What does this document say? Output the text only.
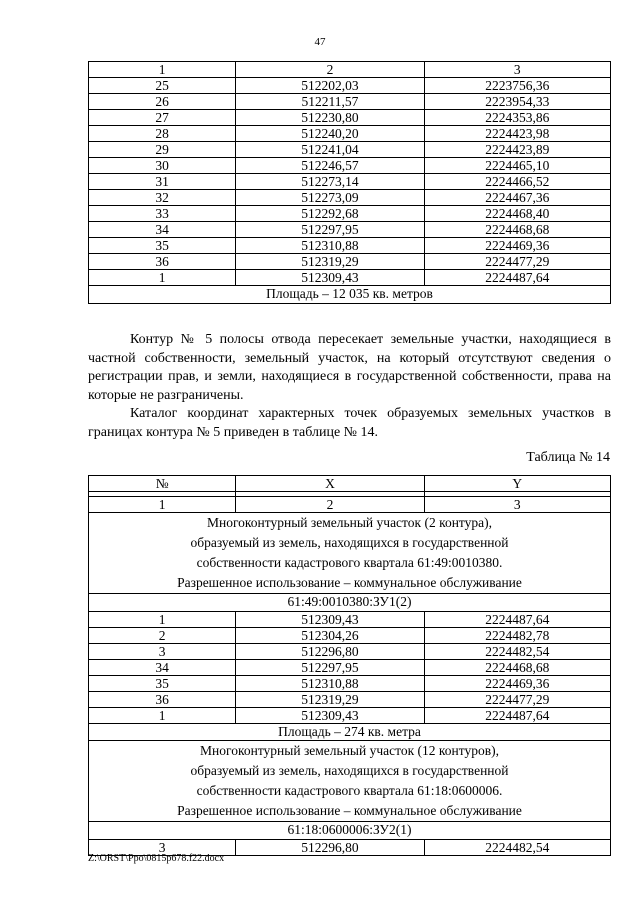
47
1	2	3
25	512202,03	2223756,36
26	512211,57	2223954,33
27	512230,80	2224353,86
28	512240,20	2224423,98
29	512241,04	2224423,89
30	512246,57	2224465,10
31	512273,14	2224466,52
32	512273,09	2224467,36
33	512292,68	2224468,40
34	512297,95	2224468,68
35	512310,88	2224469,36
36	512319,29	2224477,29
1	512309,43	2224487,64
Площадь – 12 035 кв. метров		
Контур № 5 полосы отвода пересекает земельные участки, находящиеся в частной собственности, земельный участок, на который отсутствуют сведения о регистрации прав, и земли, находящиеся в государственной собственности, права на которые не разграничены.
Каталог координат характерных точек образуемых земельных участков в границах контура № 5 приведен в таблице № 14.
Таблица № 14
№	X	Y

1	2	3

Многоконтурный земельный участок (2 контура),
образуемый из земель, находящихся в государственной
собственности кадастрового квартала 61:49:0010380.
Разрешенное использование – коммунальное обслуживание		

61:49:0010380:ЗУ1(2)		
1	512309,43	2224487,64
2	512304,26	2224482,78
3	512296,80	2224482,54
34	512297,95	2224468,68
35	512310,88	2224469,36
36	512319,29	2224477,29
1	512309,43	2224487,64
Площадь – 274 кв. метра		

Многоконтурный земельный участок (12 контуров),
образуемый из земель, находящихся в государственной
собственности кадастрового квартала 61:18:0600006.
Разрешенное использование – коммунальное обслуживание		

61:18:0600006:ЗУ2(1)		
3	512296,80	2224482,54
Z:\ORST\Ppo\0815p678.f22.docx
